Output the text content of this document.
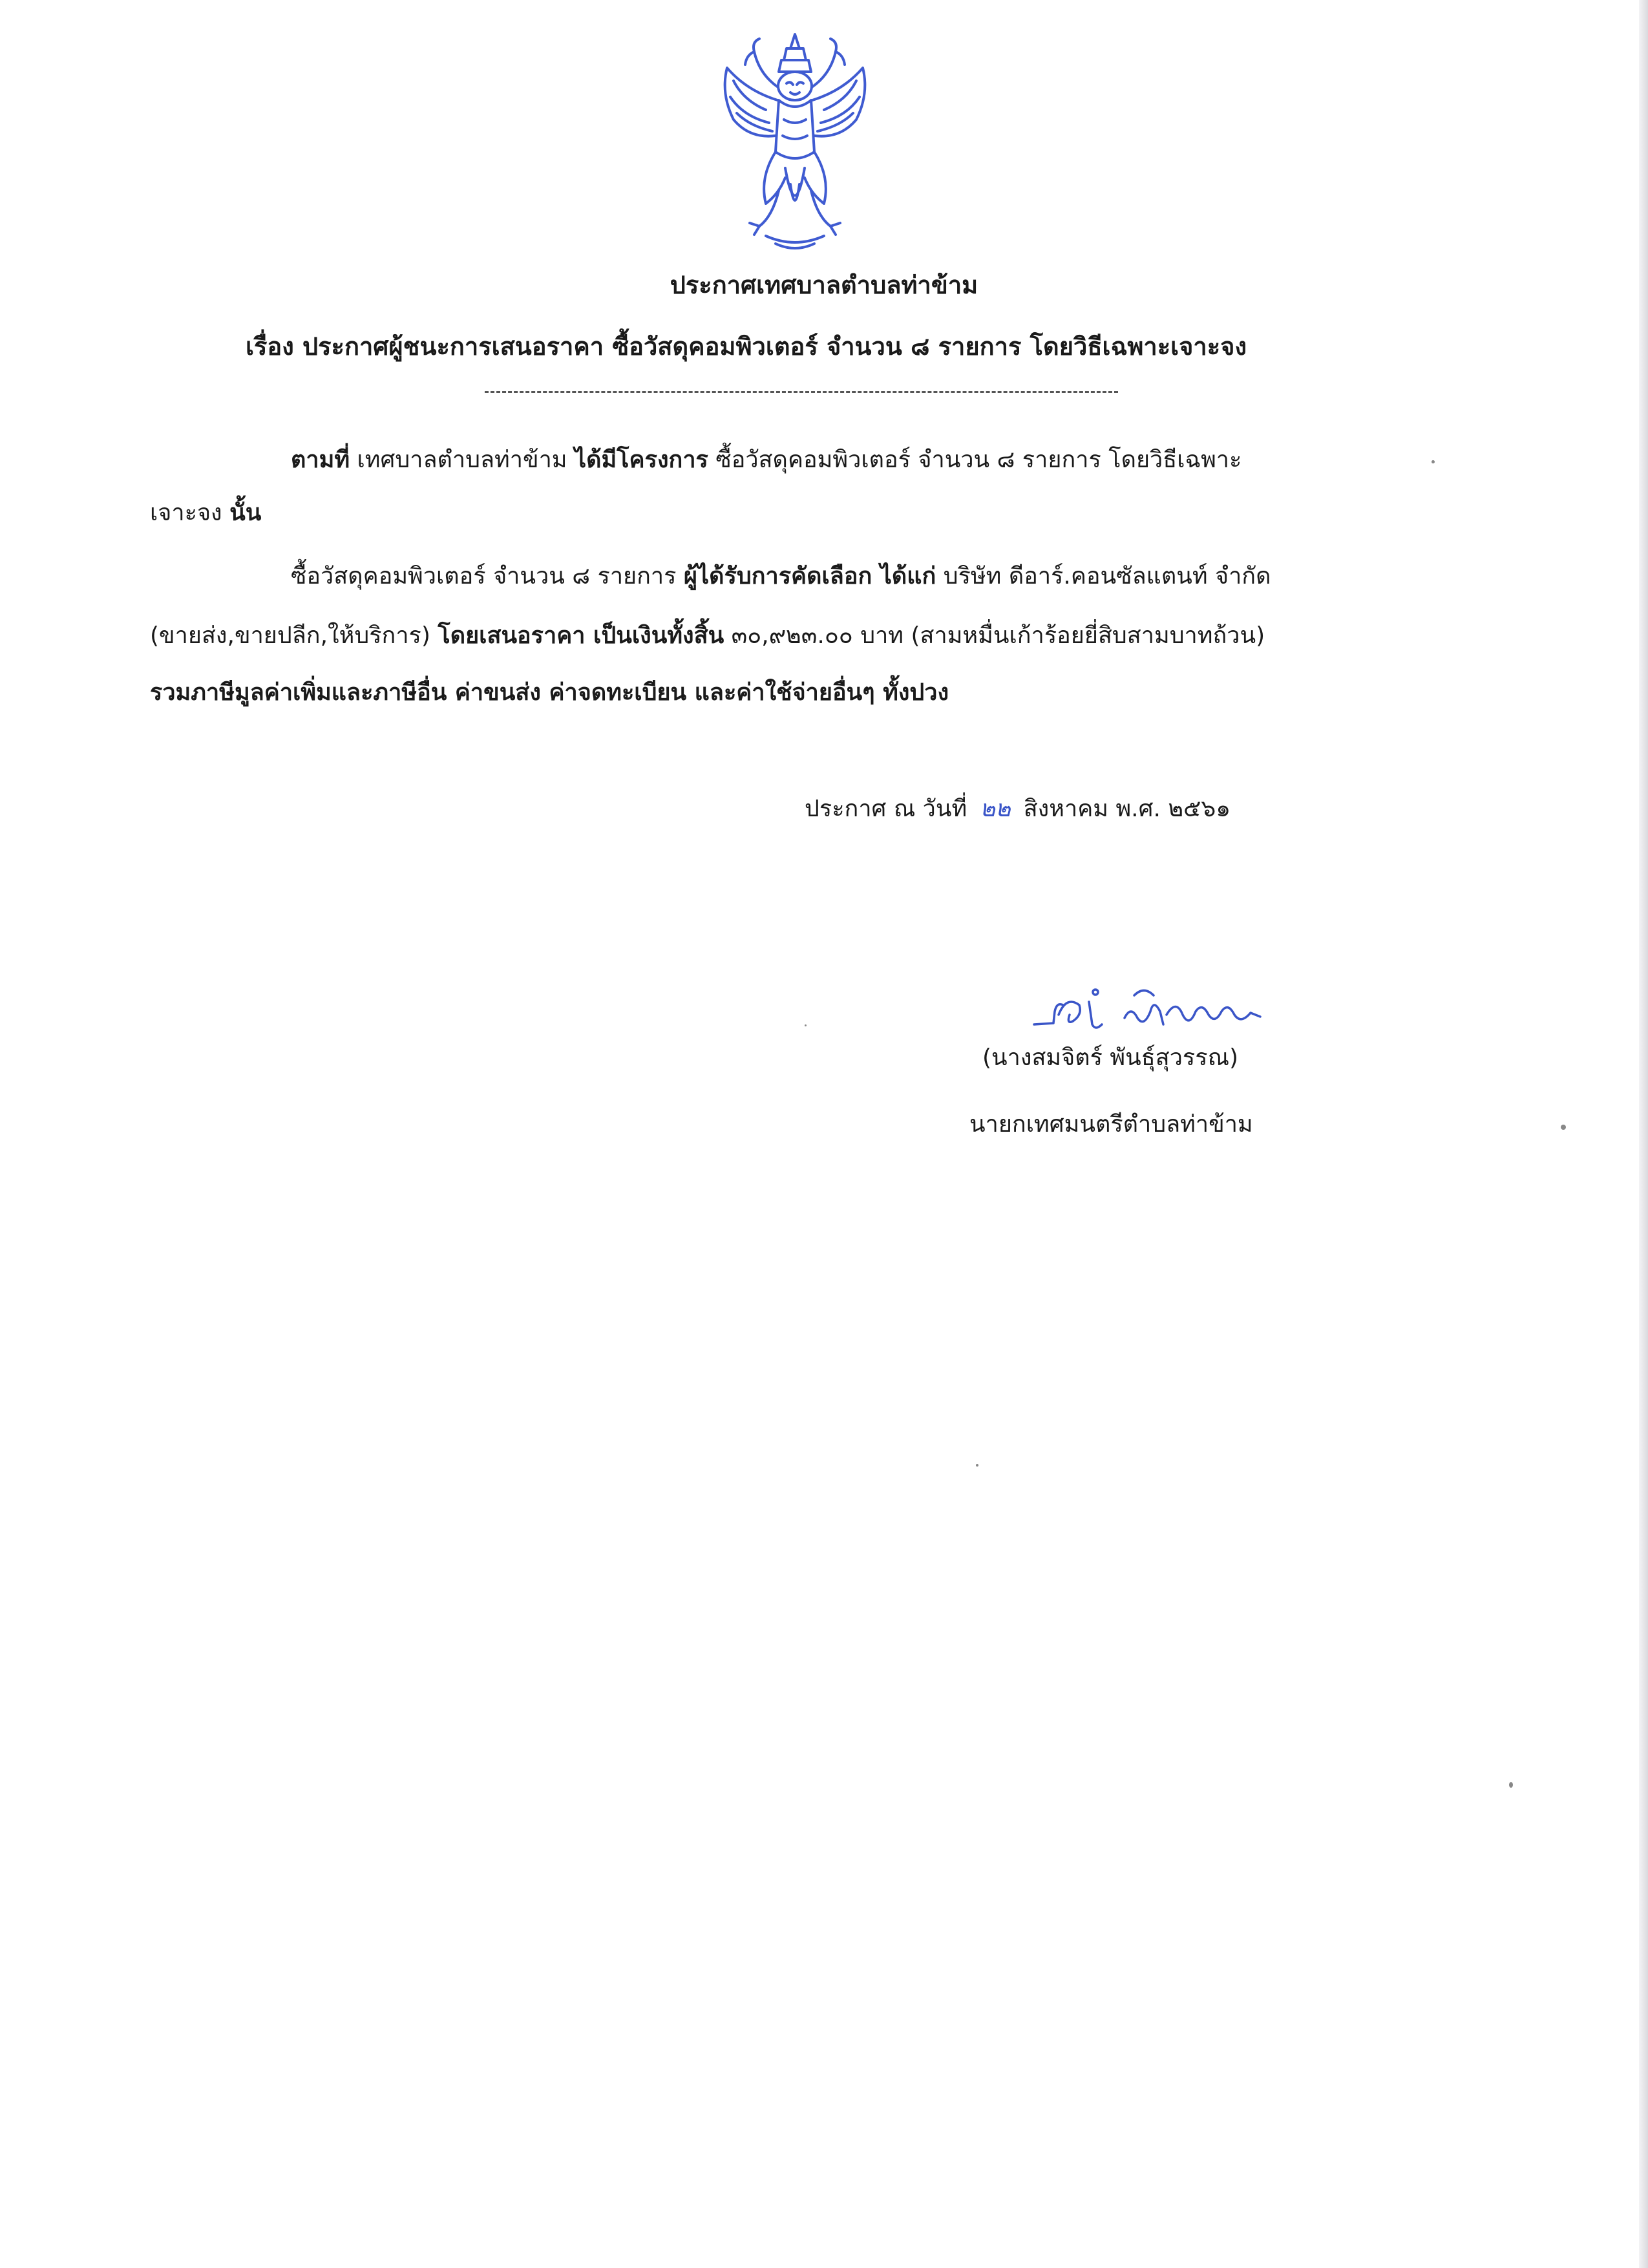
ประกาศเทศบาลตำบลท่าข้าม
เรื่อง ประกาศผู้ชนะการเสนอราคา ซื้อวัสดุคอมพิวเตอร์ จำนวน ๘ รายการ โดยวิธีเฉพาะเจาะจง
ตามที่ เทศบาลตำบลท่าข้าม ได้มีโครงการ ซื้อวัสดุคอมพิวเตอร์ จำนวน ๘ รายการ โดยวิธีเฉพาะ
เจาะจง นั้น
ซื้อวัสดุคอมพิวเตอร์ จำนวน ๘ รายการ ผู้ได้รับการคัดเลือก ได้แก่ บริษัท ดีอาร์.คอนซัลแตนท์ จำกัด
(ขายส่ง,ขายปลีก,ให้บริการ) โดยเสนอราคา เป็นเงินทั้งสิ้น ๓๐,๙๒๓.๐๐ บาท (สามหมื่นเก้าร้อยยี่สิบสามบาทถ้วน)
รวมภาษีมูลค่าเพิ่มและภาษีอื่น ค่าขนส่ง ค่าจดทะเบียน และค่าใช้จ่ายอื่นๆ ทั้งปวง
ประกาศ ณ วันที่ ๒๒ สิงหาคม พ.ศ. ๒๕๖๑
(นางสมจิตร์ พันธุ์สุวรรณ)
นายกเทศมนตรีตำบลท่าข้าม
